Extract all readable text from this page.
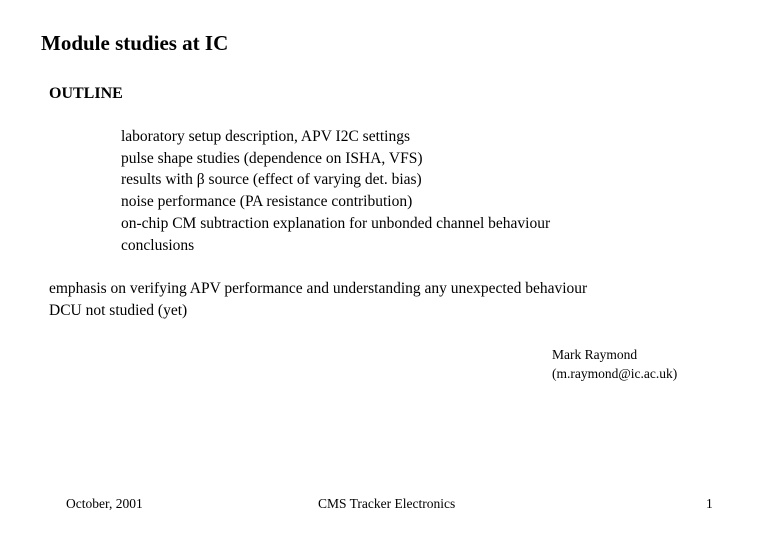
Module studies at IC
OUTLINE
laboratory setup description, APV I2C settings
pulse shape studies (dependence on ISHA, VFS)
results with β source (effect of varying det. bias)
noise performance (PA resistance contribution)
on-chip CM subtraction explanation for unbonded channel behaviour
conclusions
emphasis on verifying APV performance and understanding any unexpected behaviour
DCU not studied (yet)
Mark Raymond
(m.raymond@ic.ac.uk)
October, 2001	CMS Tracker Electronics	1
